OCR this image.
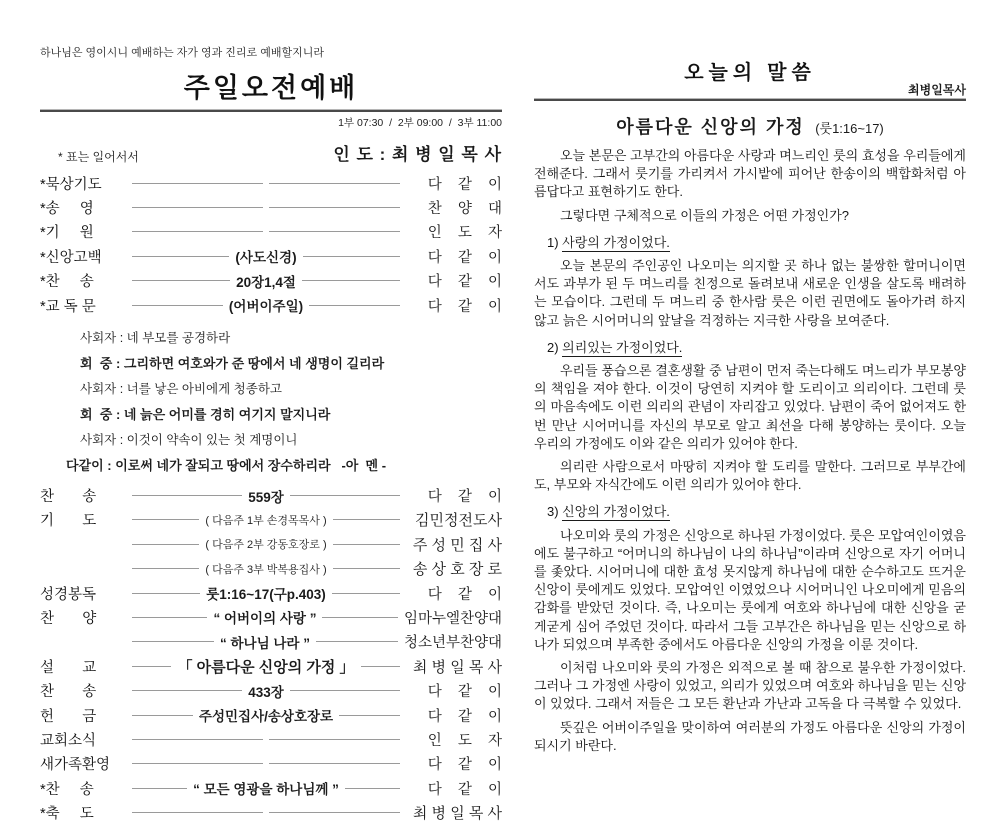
하나님은 영이시니 예배하는 자가 영과 진리로 예배할지니라
주일오전예배
1부 07:30  /  2부 09:00  /  3부 11:00
* 표는 일어서서	인 도 : 최 병 일 목 사
*묵상기도	다    같    이
*송     영	찬    양    대
*기     원	인    도    자
*신앙고백	(사도신경)	다    같    이
*찬     송	20장1,4절	다    같    이
*교 독 문	(어버이주일)	다    같    이
사회자 : 네 부모를 공경하라
회  중 : 그리하면 여호와가 준 땅에서 네 생명이 길리라
사회자 : 너를 낳은 아비에게 청종하고
회  중 : 네 늙은 어미를 경히 여기지 말지니라
사회자 : 이것이 약속이 있는 첫 계명이니
다같이 : 이로써 네가 잘되고 땅에서 장수하리라   -아  멘 -
찬       송	559장	다    같    이
기       도	( 다음주 1부 손경목목사 )	김민정전도사
( 다음주 2부 강동호장로 )	주 성 민 집 사
( 다음주 3부 박복용집사 )	송 상 호 장 로
성경봉독	룻1:16~17(구p.403)	다    같    이
찬       양	“ 어버이의 사랑 ”	임마누엘찬양대
“ 하나님 나라 ”	청소년부찬양대
설       교	「 아름다운 신앙의 가정 」	최 병 일 목 사
찬       송	433장	다    같    이
헌       금	주성민집사/송상호장로	다    같    이
교회소식	인    도    자
새가족환영	다    같    이
*찬     송	“ 모든 영광을 하나님께 ”	다    같    이
*축     도	최 병 일 목 사
오늘의 말씀
최병일목사
아름다운 신앙의 가정 (룻1:16~17)

오늘 본문은 고부간의 아름다운 사랑과 며느리인 룻의 효성을 우리들에게 전해준다. 그래서 룻기를 가리켜서 가시밭에 피어난 한송이의 백합화처럼 아름답다고 표현하기도 한다.

그렇다면 구체적으로 이들의 가정은 어떤 가정인가?

1) 사랑의 가정이었다.

오늘 본문의 주인공인 나오미는 의지할 곳 하나 없는 불쌍한 할머니이면서도 과부가 된 두 며느리를 친정으로 돌려보내 새로운 인생을 살도록 배려하는 모습이다. 그런데 두 며느리 중 한사람 룻은 이런 권면에도 돌아가려 하지 않고 늙은 시어머니의 앞날을 걱정하는 지극한 사랑을 보여준다.

2) 의리있는 가정이었다.

우리들 풍습으론 결혼생활 중 남편이 먼저 죽는다해도 며느리가 부모봉양의 책임을 져야 한다. 이것이 당연히 지켜야 할 도리이고 의리이다. 그런데 룻의 마음속에도 이런 의리의 관념이 자리잡고 있었다. 남편이 죽어 없어져도 한번 만난 시어머니를 자신의 부모로 알고 최선을 다해 봉양하는 룻이다. 오늘 우리의 가정에도 이와 같은 의리가 있어야 한다.

의리란 사람으로서 마땅히 지켜야 할 도리를 말한다. 그러므로 부부간에도, 부모와 자식간에도 이런 의리가 있어야 한다.

3) 신앙의 가정이었다.

나오미와 룻의 가정은 신앙으로 하나된 가정이었다. 룻은 모압여인이였음에도 불구하고 “어머니의 하나님이 나의 하나님”이라며 신앙으로 자기 어머니를 좇았다. 시어머니에 대한 효성 못지않게 하나님에 대한 순수하고도 뜨거운 신앙이 룻에게도 있었다. 모압여인 이였었으나 시어머니인 나오미에게 믿음의 감화를 받았던 것이다. 즉, 나오미는 룻에게 여호와 하나님에 대한 신앙을 굳게굳게 심어 주었던 것이다. 따라서 그들 고부간은 하나님을 믿는 신앙으로 하나가 되었으며 부족한 중에서도 아름다운 신앙의 가정을 이룬 것이다.

이처럼 나오미와 룻의 가정은 외적으로 볼 때 참으로 불우한 가정이었다. 그러나 그 가정엔 사랑이 있었고, 의리가 있었으며 여호와 하나님을 믿는 신앙이 있었다. 그래서 저들은 그 모든 환난과 가난과 고독을 다 극복할 수 있었다.

뜻깊은 어버이주일을 맞이하여 여러분의 가정도 아름다운 신앙의 가정이 되시기 바란다.
